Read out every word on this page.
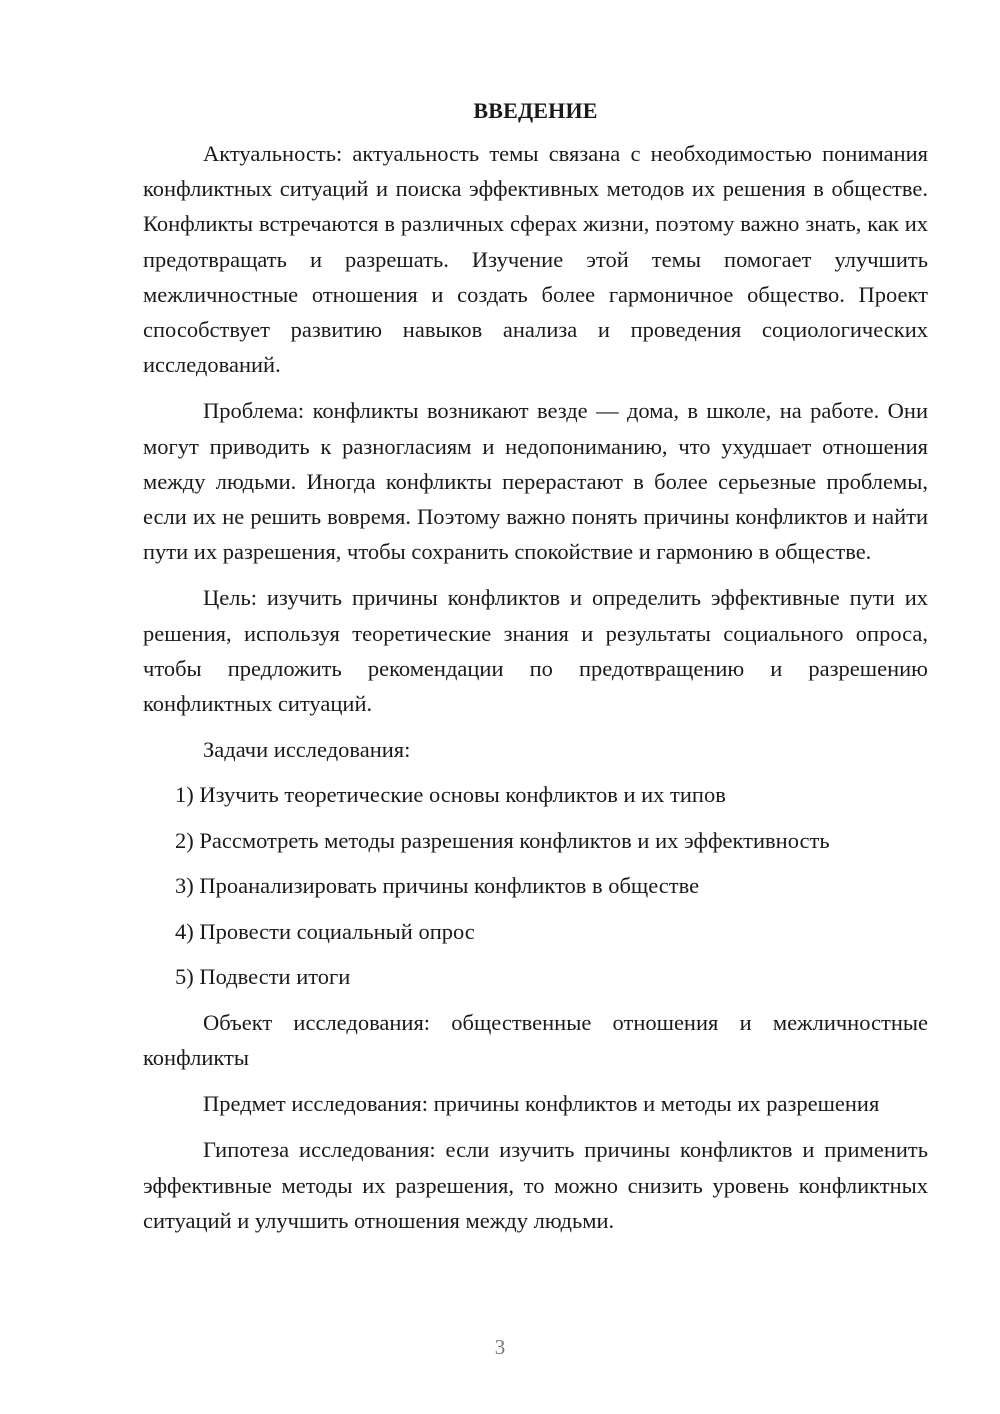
ВВЕДЕНИЕ

Актуальность: актуальность темы связана с необходимостью понимания конфликтных ситуаций и поиска эффективных методов их решения в обществе. Конфликты встречаются в различных сферах жизни, поэтому важно знать, как их предотвращать и разрешать. Изучение этой темы помогает улучшить межличностные отношения и создать более гармоничное общество. Проект способствует развитию навыков анализа и проведения социологических исследований.

Проблема: конфликты возникают везде — дома, в школе, на работе. Они могут приводить к разногласиям и недопониманию, что ухудшает отношения между людьми. Иногда конфликты перерастают в более серьезные проблемы, если их не решить вовремя. Поэтому важно понять причины конфликтов и найти пути их разрешения, чтобы сохранить спокойствие и гармонию в обществе.

Цель: изучить причины конфликтов и определить эффективные пути их решения, используя теоретические знания и результаты социального опроса, чтобы предложить рекомендации по предотвращению и разрешению конфликтных ситуаций.

Задачи исследования:

1) Изучить теоретические основы конфликтов и их типов
2) Рассмотреть методы разрешения конфликтов и их эффективность
3) Проанализировать причины конфликтов в обществе
4) Провести социальный опрос
5) Подвести итоги

Объект исследования: общественные отношения и межличностные конфликты

Предмет исследования: причины конфликтов и методы их разрешения

Гипотеза исследования: если изучить причины конфликтов и применить эффективные методы их разрешения, то можно снизить уровень конфликтных ситуаций и улучшить отношения между людьми.

3
